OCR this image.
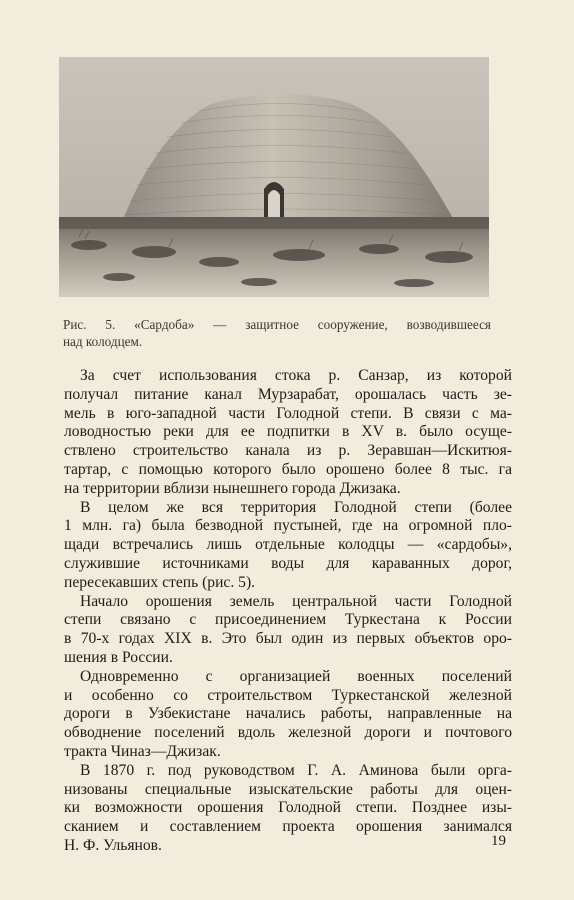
Рис. 5. «Сардоба» — защитное сооружение, возводившееся
над колодцем.
За счет использования стока р. Санзар, из которой
получал питание канал Мурзарабат, орошалась часть зе-
мель в юго-западной части Голодной степи. В связи с ма-
ловодностью реки для ее подпитки в XV в. было осуще-
ствлено строительство канала из р. Зеравшан—Искитюя-
тартар, с помощью которого было орошено более 8 тыс. га
на территории вблизи нынешнего города Джизака.
В целом же вся территория Голодной степи (более
1 млн. га) была безводной пустыней, где на огромной пло-
щади встречались лишь отдельные колодцы — «сардобы»,
служившие источниками воды для караванных дорог,
пересекавших степь (рис. 5).
Начало орошения земель центральной части Голодной
степи связано с присоединением Туркестана к России
в 70-х годах XIX в. Это был один из первых объектов оро-
шения в России.
Одновременно с организацией военных поселений
и особенно со строительством Туркестанской железной
дороги в Узбекистане начались работы, направленные на
обводнение поселений вдоль железной дороги и почтового
тракта Чиназ—Джизак.
В 1870 г. под руководством Г. А. Аминова были орга-
низованы специальные изыскательские работы для оцен-
ки возможности орошения Голодной степи. Позднее изы-
сканием и составлением проекта орошения занимался
Н. Ф. Ульянов.	19
